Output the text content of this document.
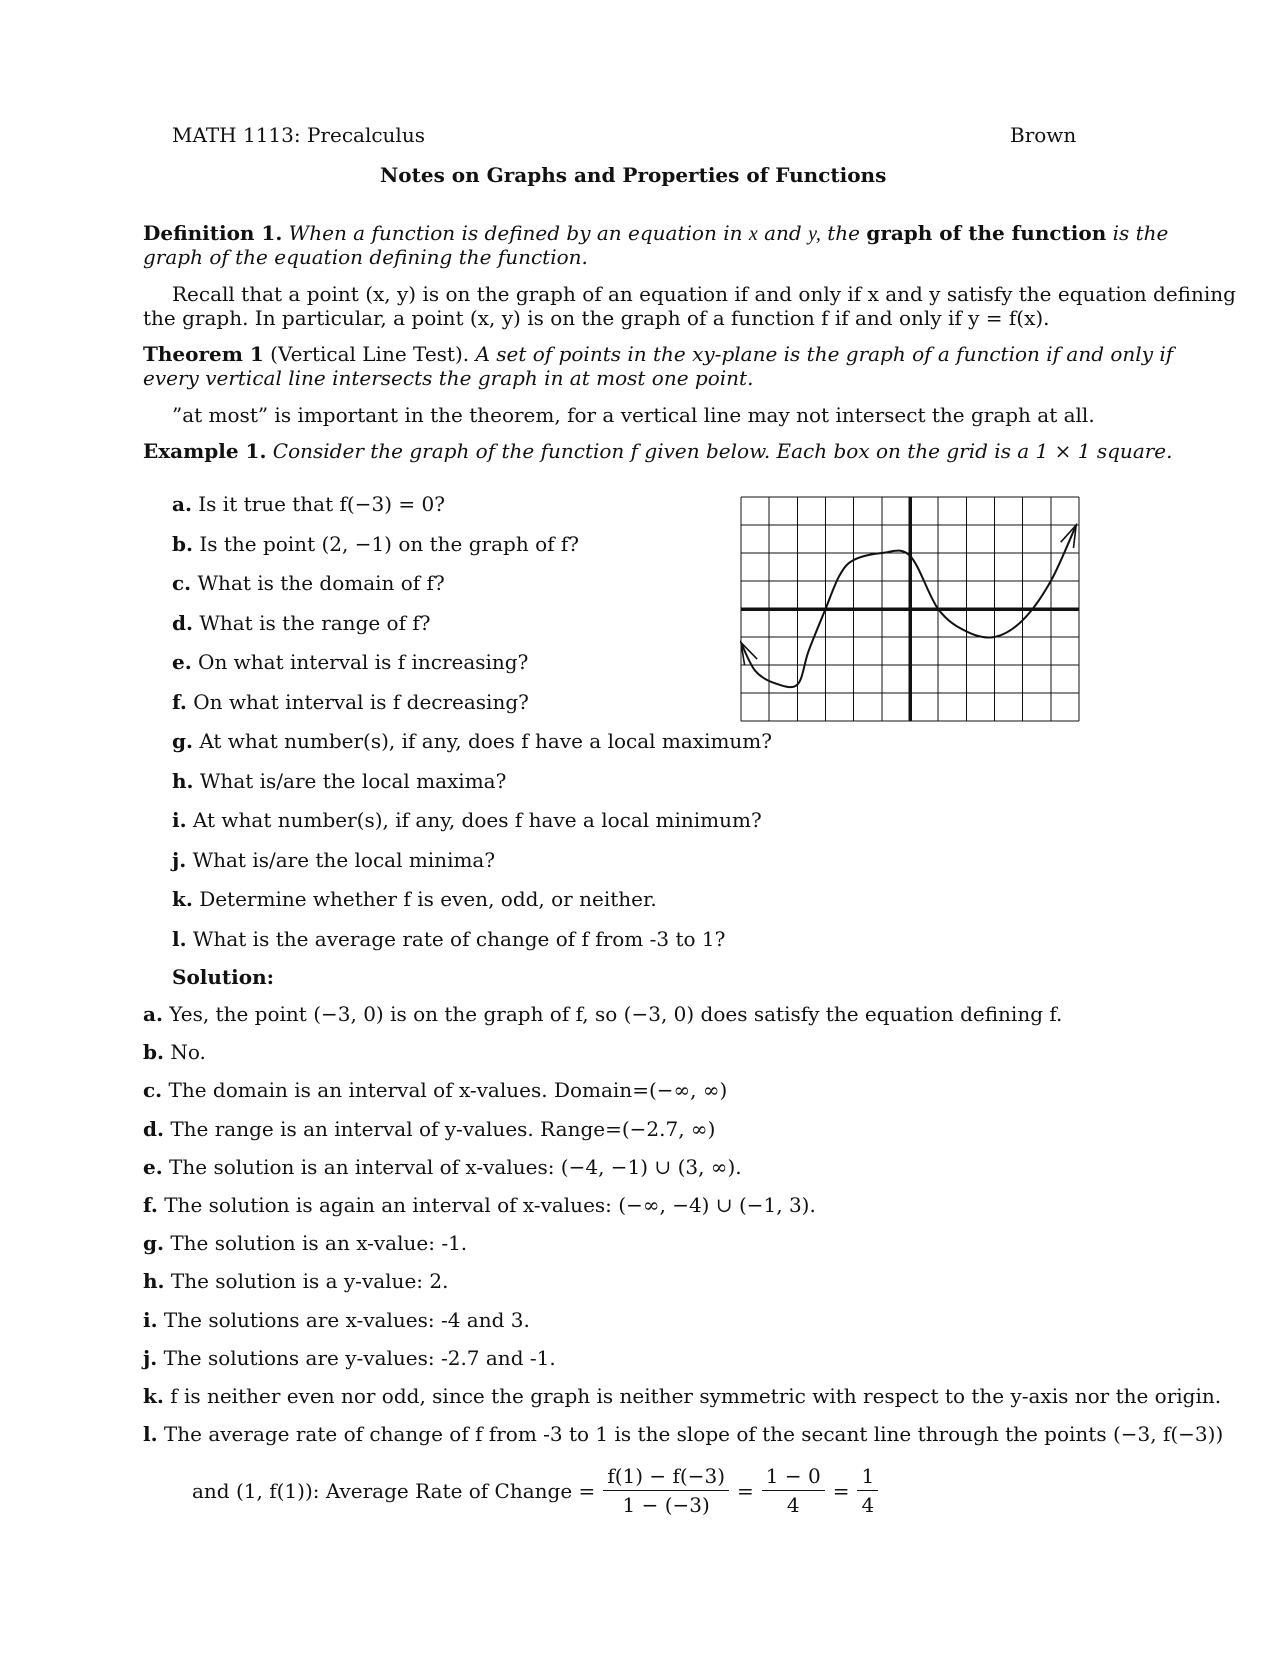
MATH 1113: Precalculus	Brown
Notes on Graphs and Properties of Functions
Definition 1. When a function is defined by an equation in x and y, the graph of the function is the
graph of the equation defining the function.
Recall that a point (x, y) is on the graph of an equation if and only if x and y satisfy the equation defining
the graph. In particular, a point (x, y) is on the graph of a function f if and only if y = f(x).
Theorem 1 (Vertical Line Test). A set of points in the xy-plane is the graph of a function if and only if
every vertical line intersects the graph in at most one point.
”at most” is important in the theorem, for a vertical line may not intersect the graph at all.
Example 1. Consider the graph of the function f given below. Each box on the grid is a 1 × 1 square.
a. Is it true that f(−3) = 0?
b. Is the point (2, −1) on the graph of f?
c. What is the domain of f?
d. What is the range of f?
e. On what interval is f increasing?
f. On what interval is f decreasing?
g. At what number(s), if any, does f have a local maximum?
h. What is/are the local maxima?
i. At what number(s), if any, does f have a local minimum?
j. What is/are the local minima?
k. Determine whether f is even, odd, or neither.
l. What is the average rate of change of f from -3 to 1?
Solution:
a. Yes, the point (−3, 0) is on the graph of f, so (−3, 0) does satisfy the equation defining f.
b. No.
c. The domain is an interval of x-values. Domain=(−∞, ∞)
d. The range is an interval of y-values. Range=(−2.7, ∞)
e. The solution is an interval of x-values: (−4, −1) ∪ (3, ∞).
f. The solution is again an interval of x-values: (−∞, −4) ∪ (−1, 3).
g. The solution is an x-value: -1.
h. The solution is a y-value: 2.
i. The solutions are x-values: -4 and 3.
j. The solutions are y-values: -2.7 and -1.
k. f is neither even nor odd, since the graph is neither symmetric with respect to the y-axis nor the origin.
l. The average rate of change of f from -3 to 1 is the slope of the secant line through the points (−3, f(−3))
and (1, f(1)): Average Rate of Change = $\frac{f(1) - f(-3)}{1 - (-3)} = \frac{1 - 0}{4} = \frac{1}{4}$
